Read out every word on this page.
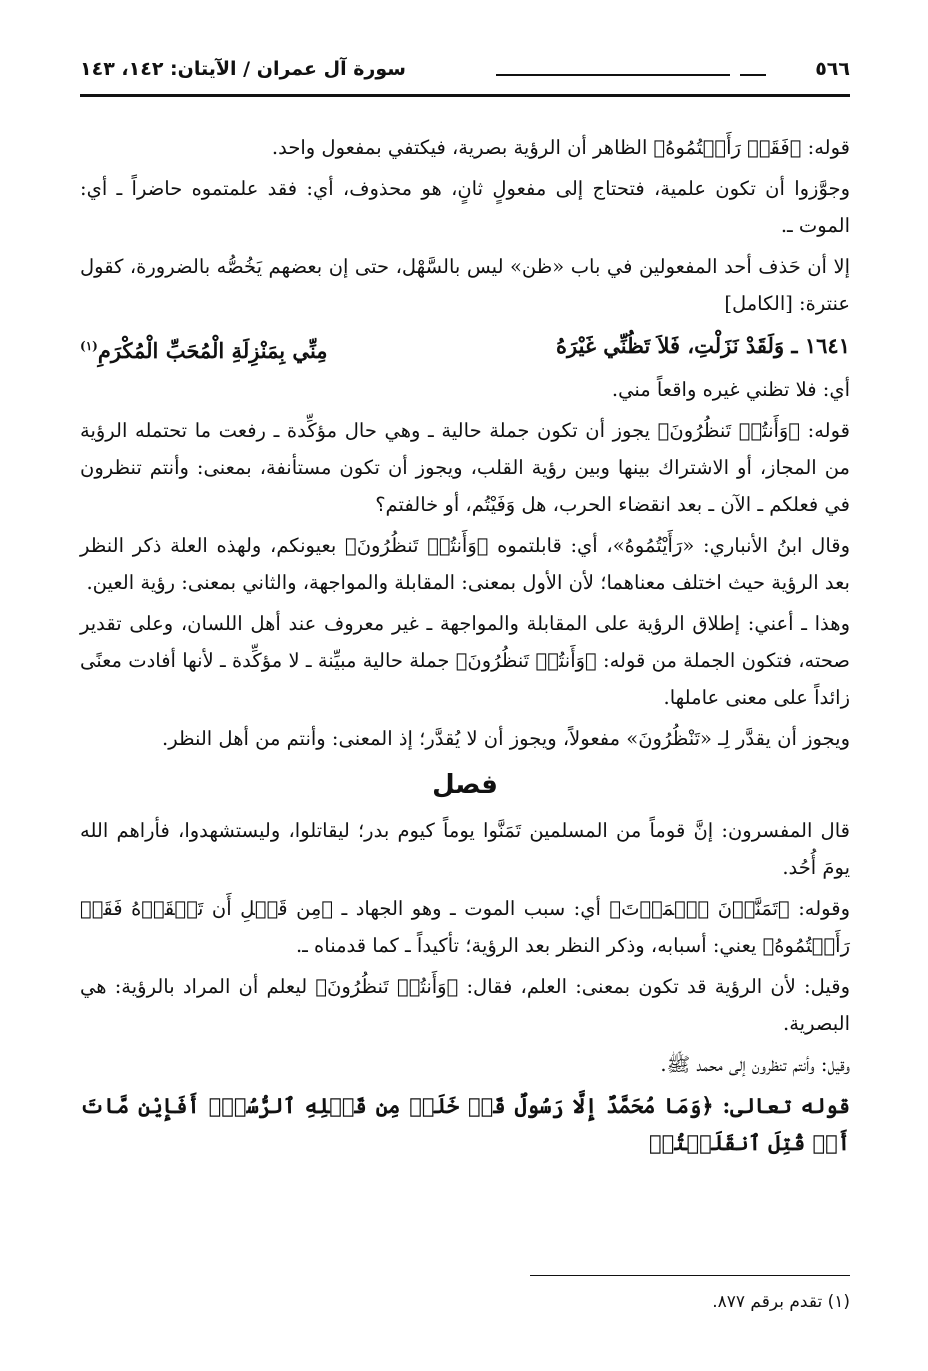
٥٦٦
سورة آل عمران / الآيتان: ١٤٢، ١٤٣

قوله: ﴿فَقَدۡ رَأَيۡتُمُوهُ﴾ الظاهر أن الرؤية بصرية، فيكتفي بمفعول واحد.

وجوَّزوا أن تكون علمية، فتحتاج إلى مفعولٍ ثانٍ، هو محذوف، أي: فقد علمتموه حاضراً ـ أي: الموت ـ.

إلا أن حَذف أحد المفعولين في باب «ظن» ليس بالسَّهْل، حتى إن بعضهم يَخُصُّه بالضرورة، كقول عنترة: [الكامل]

١٦٤١ ـ وَلَقَدْ نَزَلْتِ، فَلاَ تَظُنِّي غَيْرَهُ
مِنِّي بِمَنْزِلَةِ الْمُحَبِّ الْمُكْرَمِ$^{(١)}$

أي: فلا تظني غيره واقعاً مني.

قوله: ﴿وَأَنتُمۡ تَنظُرُونَ﴾ يجوز أن تكون جملة حالية ـ وهي حال مؤكِّدة ـ رفعت ما تحتمله الرؤية من المجاز، أو الاشتراك بينها وبين رؤية القلب، ويجوز أن تكون مستأنفة، بمعنى: وأنتم تنظرون في فعلكم ـ الآن ـ بعد انقضاء الحرب، هل وَفَيْتُم، أو خالفتم؟

وقال ابنُ الأنباري: «رَأَيْتُمُوهُ»، أي: قابلتموه ﴿وَأَنتُمۡ تَنظُرُونَ﴾ بعيونكم، ولهذه العلة ذكر النظر بعد الرؤية حيث اختلف معناهما؛ لأن الأول بمعنى: المقابلة والمواجهة، والثاني بمعنى: رؤية العين.

وهذا ـ أعني: إطلاق الرؤية على المقابلة والمواجهة ـ غير معروف عند أهل اللسان، وعلى تقدير صحته، فتكون الجملة من قوله: ﴿وَأَنتُمۡ تَنظُرُونَ﴾ جملة حالية مبيِّنة ـ لا مؤكِّدة ـ لأنها أفادت معنًى زائداً على معنى عاملها.

ويجوز أن يقدَّر لِـ «تَنْظُرُونَ» مفعولاً، ويجوز أن لا يُقدَّر؛ إذ المعنى: وأنتم من أهل النظر.

فصل

قال المفسرون: إنَّ قوماً من المسلمين تَمَنَّوا يوماً كيوم بدر؛ ليقاتلوا، وليستشهدوا، فأراهم الله يومَ أُحُد.

وقوله: ﴿تَمَنَّوۡنَ ٱلۡمَوۡتَ﴾ أي: سبب الموت ـ وهو الجهاد ـ ﴿مِن قَبۡلِ أَن تَلۡقَوۡهُ فَقَدۡ رَأَيۡتُمُوهُ﴾ يعني: أسبابه، وذكر النظر بعد الرؤية؛ تأكيداً ـ كما قدمناه ـ.

وقيل: لأن الرؤية قد تكون بمعنى: العلم، فقال: ﴿وَأَنتُمۡ تَنظُرُونَ﴾ ليعلم أن المراد بالرؤية: هي البصرية.

وقيل: وأنتم تنظرون إلى محمد ﷺ.

قوله تعالى: ﴿وَمَا مُحَمَّدٌ إِلَّا رَسُولٌ قَدۡ خَلَتۡ مِن قَبۡلِهِ ٱلرُّسُلُۚ أَفَإِيْن مَّاتَ أَوۡ قُتِلَ ٱنقَلَبۡتُمۡ

(١) تقدم برقم ٨٧٧.
